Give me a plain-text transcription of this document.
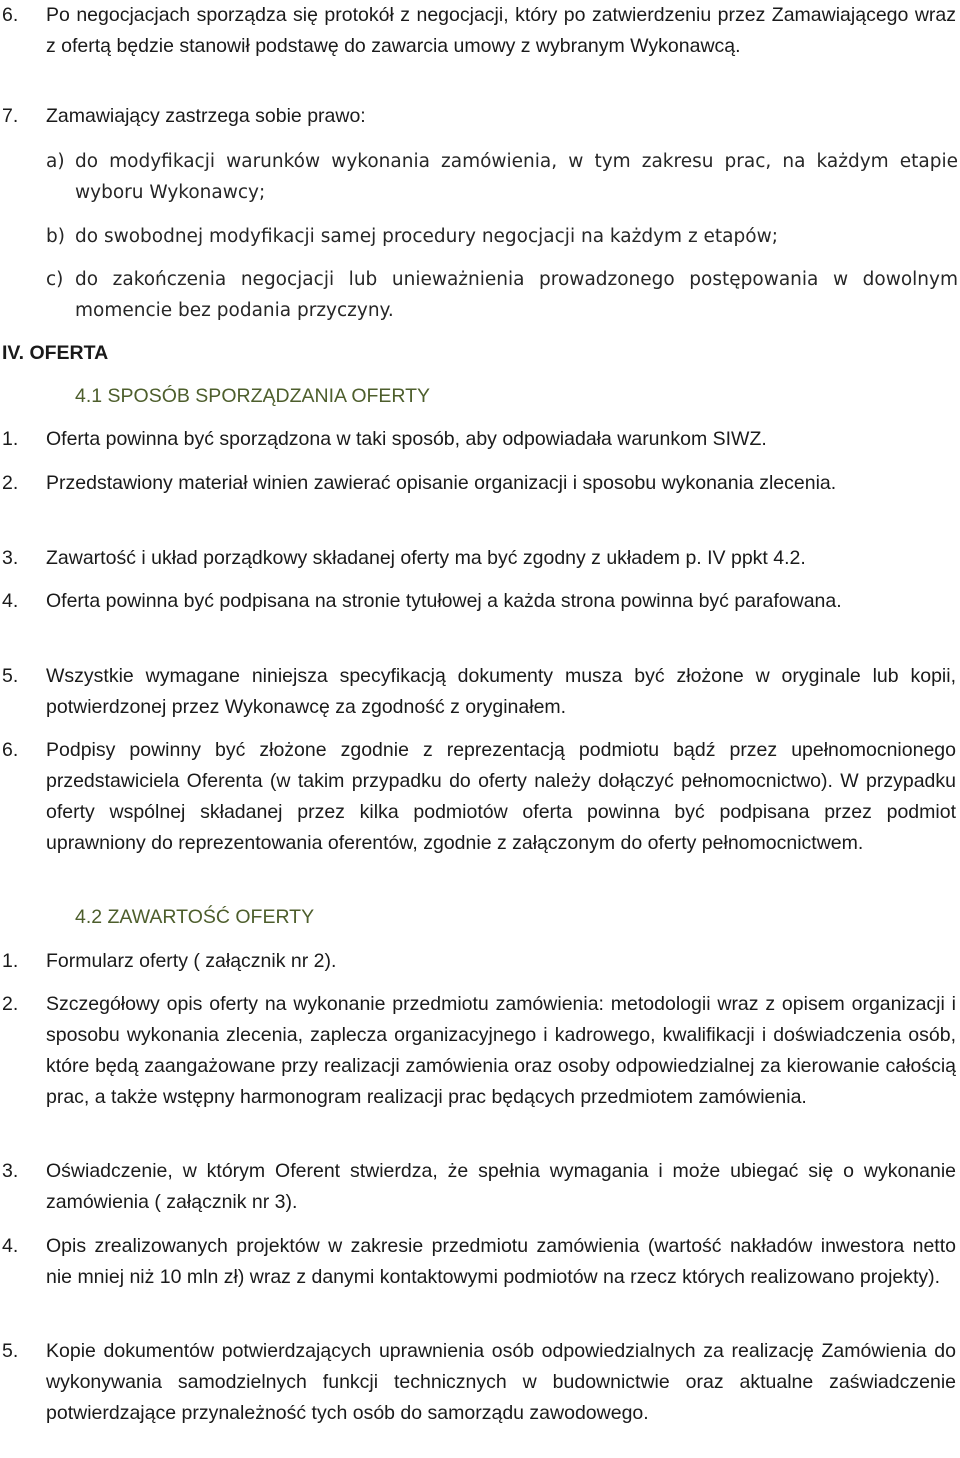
6. Po negocjacjach sporządza się protokół z negocjacji, który po zatwierdzeniu przez Zamawiającego wraz z ofertą będzie stanowił podstawę do zawarcia umowy z wybranym Wykonawcą.
7. Zamawiający zastrzega sobie prawo:
a) do modyfikacji warunków wykonania zamówienia, w tym zakresu prac, na każdym etapie wyboru Wykonawcy;
b) do swobodnej modyfikacji samej procedury negocjacji na każdym z etapów;
c) do zakończenia negocjacji lub unieważnienia prowadzonego postępowania w dowolnym momencie bez podania przyczyny.
IV. OFERTA
4.1 SPOSÓB SPORZĄDZANIA OFERTY
1. Oferta powinna być sporządzona w taki sposób, aby odpowiadała warunkom SIWZ.
2. Przedstawiony materiał winien zawierać opisanie organizacji i sposobu wykonania zlecenia.
3. Zawartość i układ porządkowy składanej oferty ma być zgodny z układem p. IV ppkt 4.2.
4. Oferta powinna być podpisana na stronie tytułowej a każda strona powinna być parafowana.
5. Wszystkie wymagane niniejsza specyfikacją dokumenty musza być złożone w oryginale lub kopii, potwierdzonej przez Wykonawcę za zgodność z oryginałem.
6. Podpisy powinny być złożone zgodnie z reprezentacją podmiotu bądź przez upełnomocnionego przedstawiciela Oferenta (w takim przypadku do oferty należy dołączyć pełnomocnictwo). W przypadku oferty wspólnej składanej przez kilka podmiotów oferta powinna być podpisana przez podmiot uprawniony do reprezentowania oferentów, zgodnie z załączonym do oferty pełnomocnictwem.
4.2 ZAWARTOŚĆ OFERTY
1. Formularz oferty ( załącznik nr 2).
2. Szczegółowy opis oferty na wykonanie przedmiotu zamówienia: metodologii wraz z opisem organizacji i sposobu wykonania zlecenia, zaplecza organizacyjnego i kadrowego, kwalifikacji i doświadczenia osób, które będą zaangażowane przy realizacji zamówienia oraz osoby odpowiedzialnej za kierowanie całością prac, a także wstępny harmonogram realizacji prac będących przedmiotem zamówienia.
3. Oświadczenie, w którym Oferent stwierdza, że spełnia wymagania i może ubiegać się o wykonanie zamówienia ( załącznik nr 3).
4. Opis zrealizowanych projektów w zakresie przedmiotu zamówienia (wartość nakładów inwestora netto nie mniej niż 10 mln zł) wraz z danymi kontaktowymi podmiotów na rzecz których realizowano projekty).
5. Kopie dokumentów potwierdzających uprawnienia osób odpowiedzialnych za realizację Zamówienia do wykonywania samodzielnych funkcji technicznych w budownictwie oraz aktualne zaświadczenie potwierdzające przynależność tych osób do samorządu zawodowego.
